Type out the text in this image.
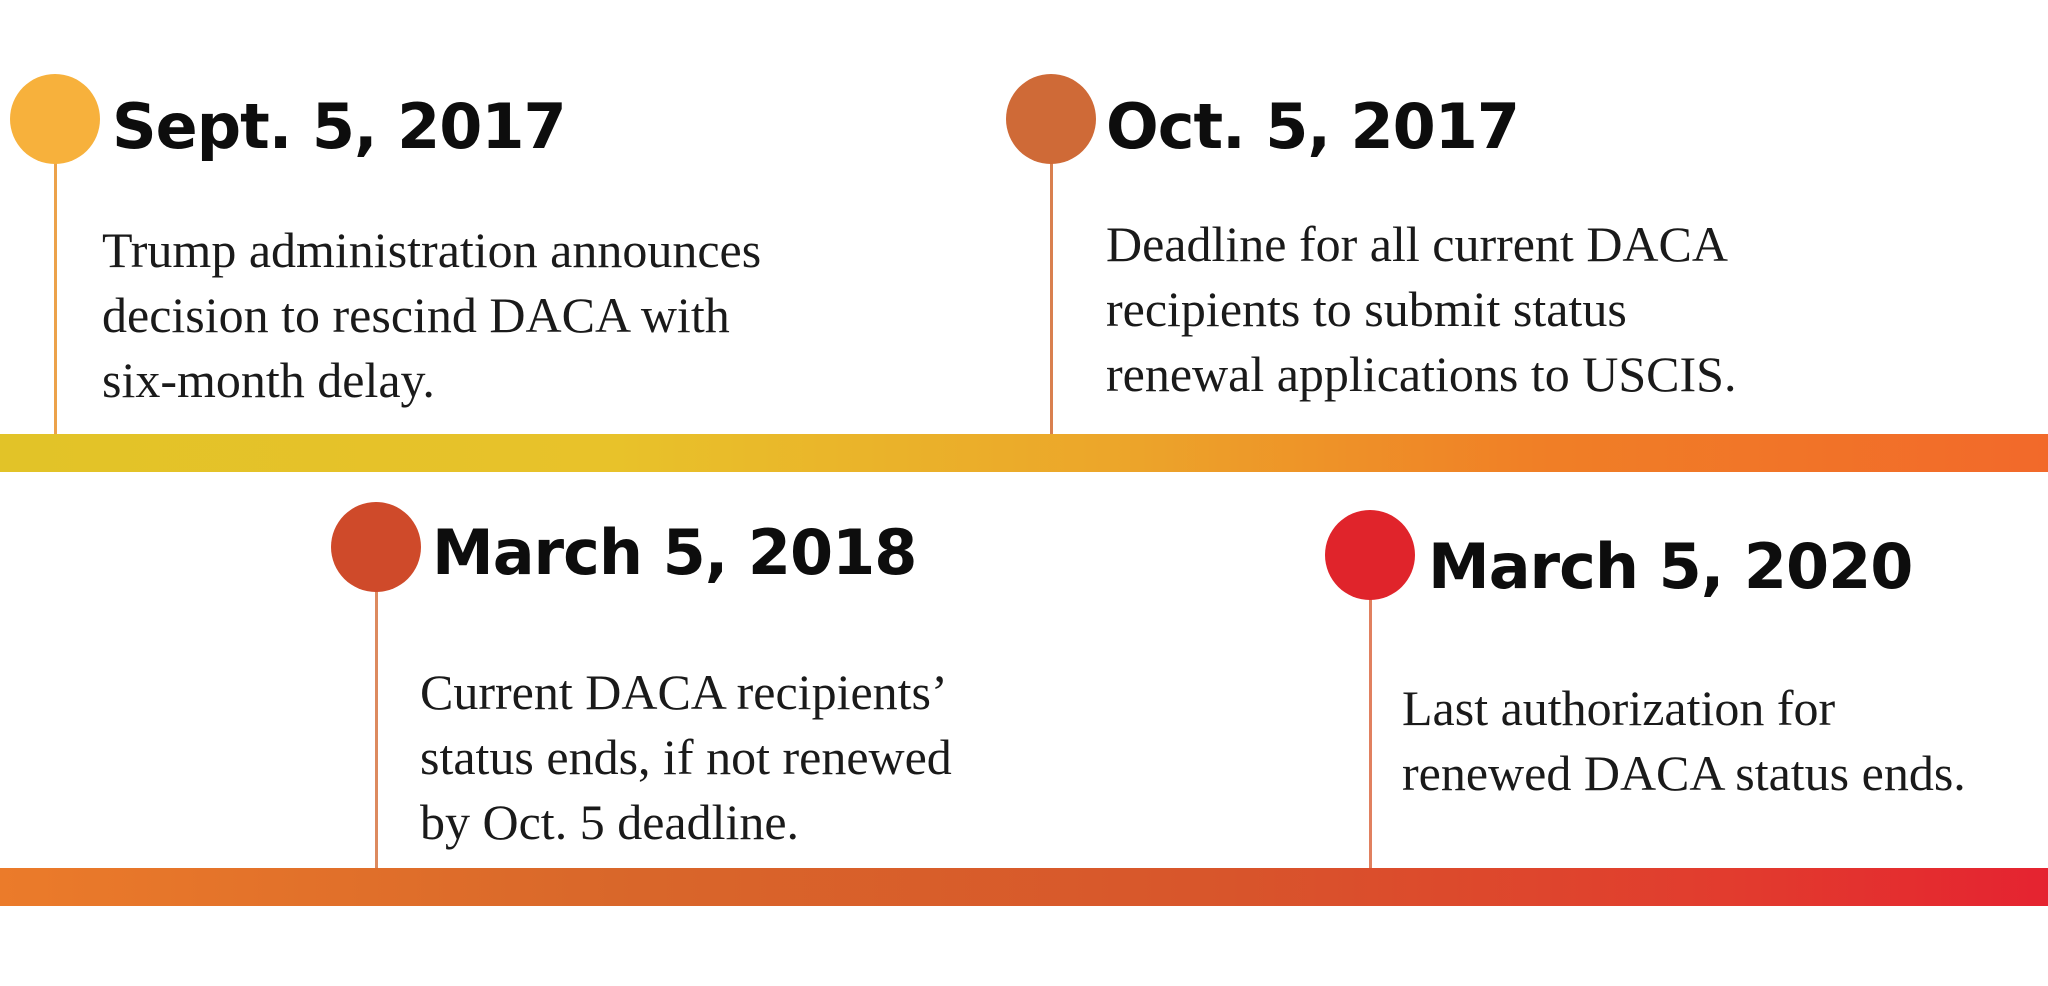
Sept. 5, 2017

Trump administration announces
decision to rescind DACA with
six-month delay.

Oct. 5, 2017

Deadline for all current DACA
recipients to submit status
renewal applications to USCIS.

March 5, 2018

Current DACA recipients’
status ends, if not renewed
by Oct. 5 deadline.

March 5, 2020

Last authorization for
renewed DACA status ends.
